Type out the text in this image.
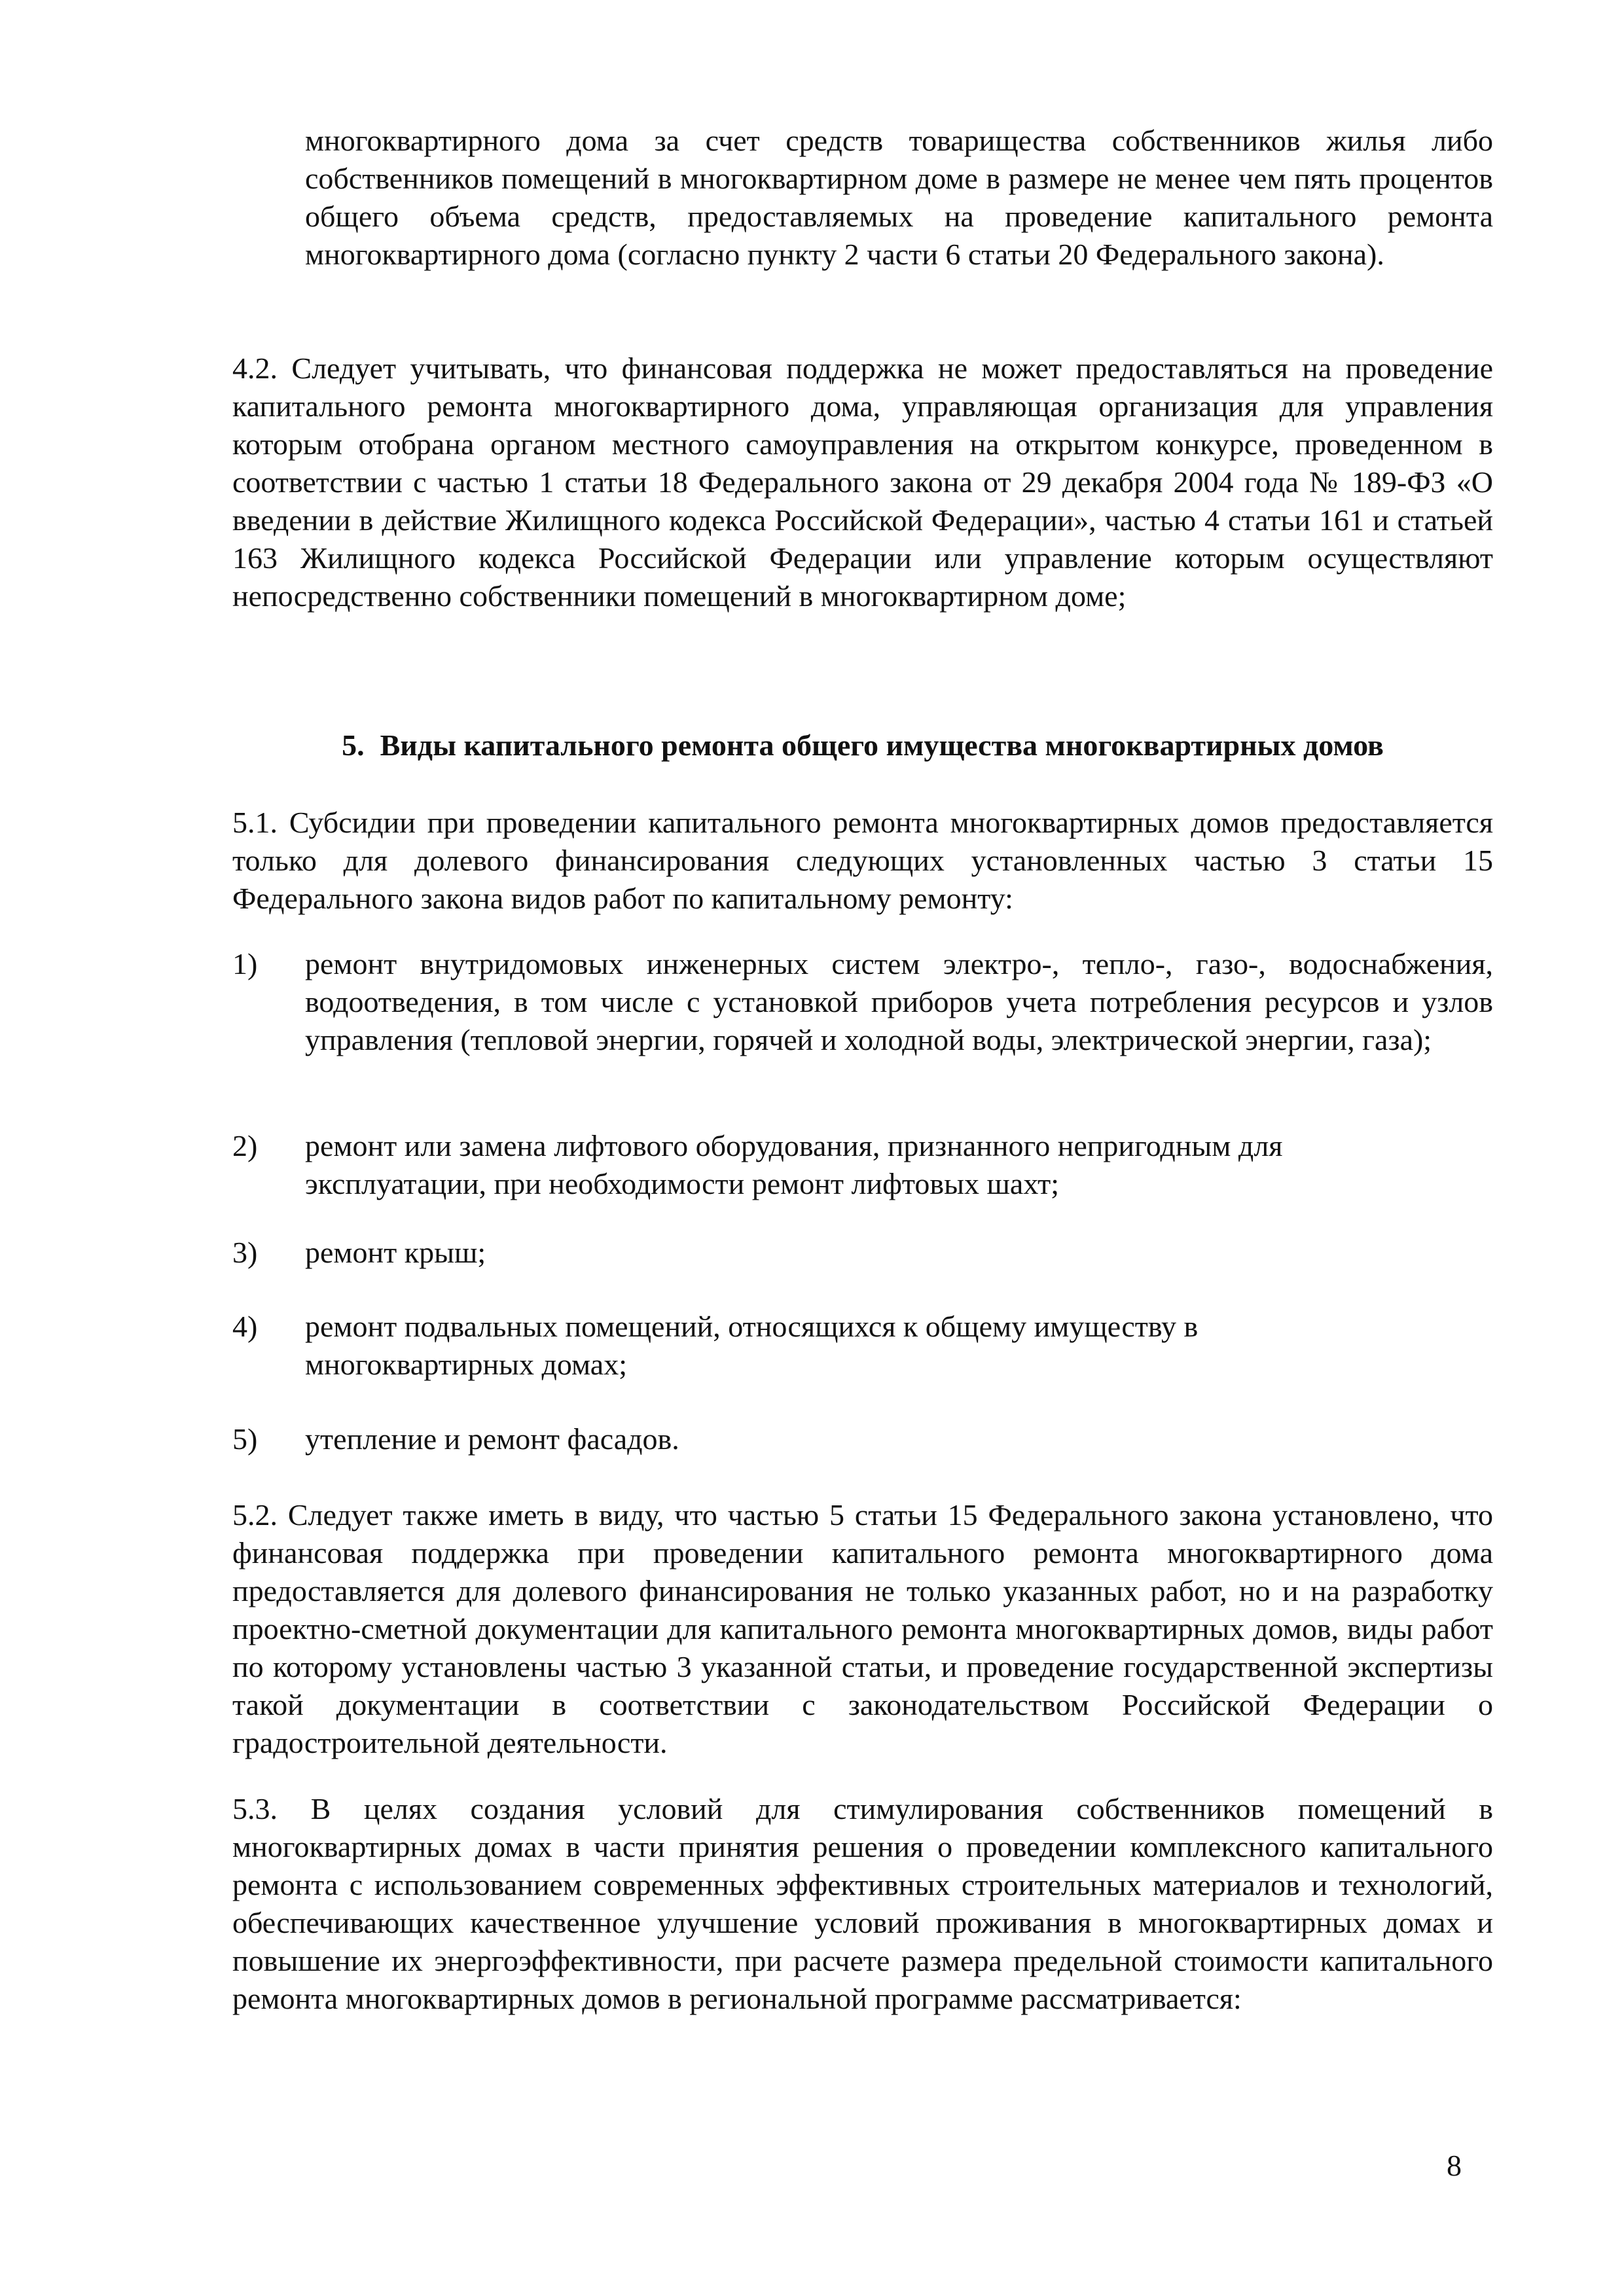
многоквартирного дома за счет средств товарищества собственников жилья либо собственников помещений в многоквартирном доме в размере не менее чем пять процентов общего объема средств, предоставляемых на проведение капитального ремонта многоквартирного дома (согласно пункту 2 части 6 статьи 20 Федерального закона).

4.2. Следует учитывать, что финансовая поддержка не может предоставляться на проведение капитального ремонта многоквартирного дома, управляющая организация для управления которым отобрана органом местного самоуправления на открытом конкурсе, проведенном в соответствии с частью 1 статьи 18 Федерального закона от 29 декабря 2004 года № 189-ФЗ «О введении в действие Жилищного кодекса Российской Федерации», частью 4 статьи 161 и статьей 163 Жилищного кодекса Российской Федерации или управление которым осуществляют непосредственно собственники помещений в многоквартирном доме;

5. Виды капитального ремонта общего имущества многоквартирных домов

5.1. Субсидии при проведении капитального ремонта многоквартирных домов предоставляется только для долевого финансирования следующих установленных частью 3 статьи 15 Федерального закона видов работ по капитальному ремонту:

1) ремонт внутридомовых инженерных систем электро-, тепло-, газо-, водоснабжения, водоотведения, в том числе с установкой приборов учета потребления ресурсов и узлов управления (тепловой энергии, горячей и холодной воды, электрической энергии, газа);
2) ремонт или замена лифтового оборудования, признанного непригодным для эксплуатации, при необходимости ремонт лифтовых шахт;
3) ремонт крыш;
4) ремонт подвальных помещений, относящихся к общему имуществу в многоквартирных домах;
5) утепление и ремонт фасадов.

5.2. Следует также иметь в виду, что частью 5 статьи 15 Федерального закона установлено, что финансовая поддержка при проведении капитального ремонта многоквартирного дома предоставляется для долевого финансирования не только указанных работ, но и на разработку проектно-сметной документации для капитального ремонта многоквартирных домов, виды работ по которому установлены частью 3 указанной статьи, и проведение государственной экспертизы такой документации в соответствии с законодательством Российской Федерации о градостроительной деятельности.

5.3. В целях создания условий для стимулирования собственников помещений в многоквартирных домах в части принятия решения о проведении комплексного капитального ремонта с использованием современных эффективных строительных материалов и технологий, обеспечивающих качественное улучшение условий проживания в многоквартирных домах и повышение их энергоэффективности, при расчете размера предельной стоимости капитального ремонта многоквартирных домов в региональной программе рассматривается:

8
